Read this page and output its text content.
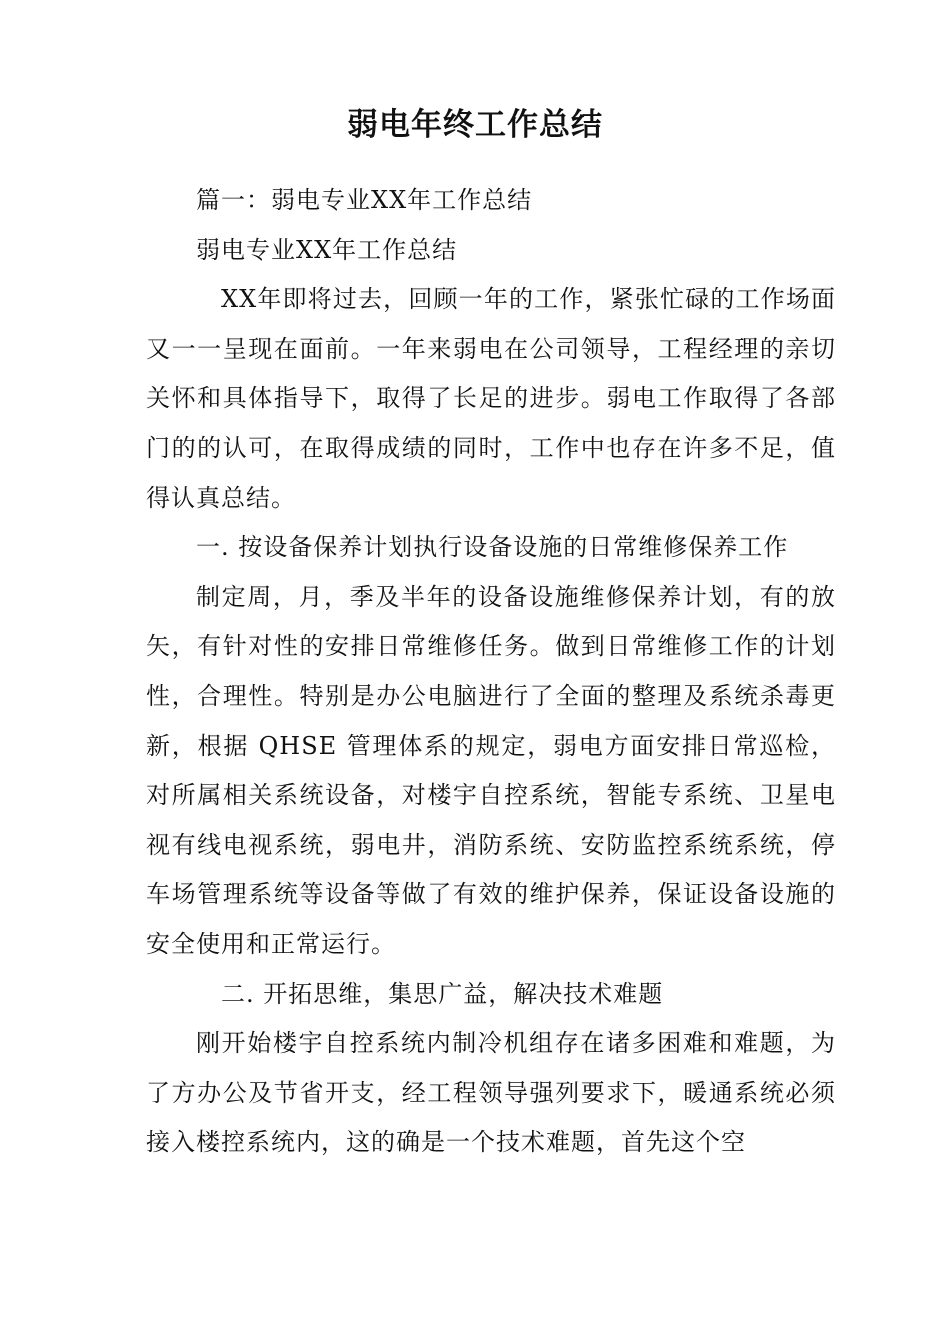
弱电年终工作总结

篇一：弱电专业XX年工作总结

弱电专业XX年工作总结

XX年即将过去，回顾一年的工作，紧张忙碌的工作场面又一一呈现在面前。一年来弱电在公司领导，工程经理的亲切关怀和具体指导下，取得了长足的进步。弱电工作取得了各部门的的认可，在取得成绩的同时，工作中也存在许多不足，值得认真总结。

一. 按设备保养计划执行设备设施的日常维修保养工作

制定周，月，季及半年的设备设施维修保养计划，有的放矢，有针对性的安排日常维修任务。做到日常维修工作的计划性，合理性。特别是办公电脑进行了全面的整理及系统杀毒更新，根据 QHSE 管理体系的规定，弱电方面安排日常巡检，对所属相关系统设备，对楼宇自控系统，智能专系统、卫星电视有线电视系统，弱电井，消防系统、安防监控系统系统，停车场管理系统等设备等做了有效的维护保养，保证设备设施的安全使用和正常运行。

二. 开拓思维，集思广益，解决技术难题

刚开始楼宇自控系统内制冷机组存在诸多困难和难题，为了方办公及节省开支，经工程领导强列要求下，暖通系统必须接入楼控系统内，这的确是一个技术难题，首先这个空
